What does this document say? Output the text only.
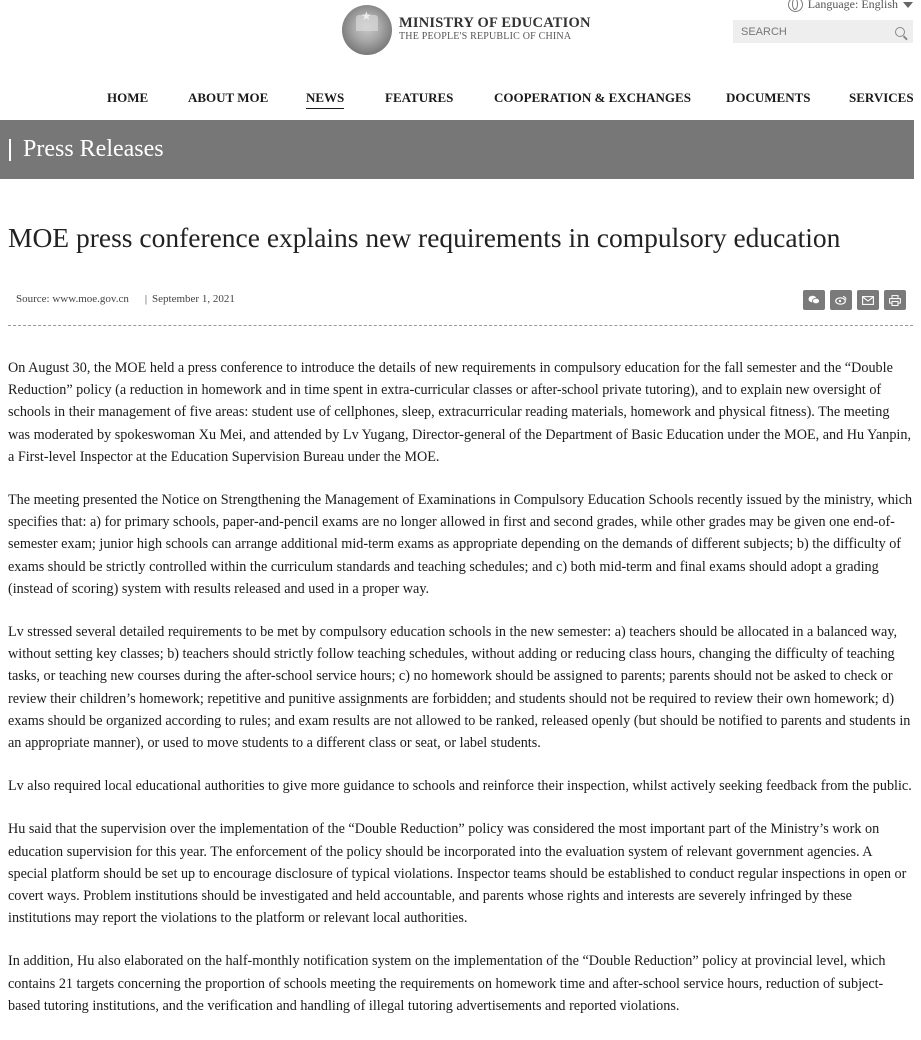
Language: English
SEARCH
★
MINISTRY OF EDUCATION
THE PEOPLE'S REPUBLIC OF CHINA
HOME	ABOUT MOE	NEWS	FEATURES	COOPERATION & EXCHANGES	DOCUMENTS	SERVICES
Press Releases
MOE press conference explains new requirements in compulsory education
Source: www.moe.gov.cn | September 1, 2021

On August 30, the MOE held a press conference to introduce the details of new requirements in compulsory education for the fall semester and the “Double Reduction” policy (a reduction in homework and in time spent in extra-curricular classes or after-school private tutoring), and to explain new oversight of schools in their management of five areas: student use of cellphones, sleep, extracurricular reading materials, homework and physical fitness). The meeting was moderated by spokeswoman Xu Mei, and attended by Lv Yugang, Director-general of the Department of Basic Education under the MOE, and Hu Yanpin, a First-level Inspector at the Education Supervision Bureau under the MOE.

The meeting presented the Notice on Strengthening the Management of Examinations in Compulsory Education Schools recently issued by the ministry, which specifies that: a) for primary schools, paper-and-pencil exams are no longer allowed in first and second grades, while other grades may be given one end-of-semester exam; junior high schools can arrange additional mid-term exams as appropriate depending on the demands of different subjects; b) the difficulty of exams should be strictly controlled within the curriculum standards and teaching schedules; and c) both mid-term and final exams should adopt a grading (instead of scoring) system with results released and used in a proper way.

Lv stressed several detailed requirements to be met by compulsory education schools in the new semester: a) teachers should be allocated in a balanced way, without setting key classes; b) teachers should strictly follow teaching schedules, without adding or reducing class hours, changing the difficulty of teaching tasks, or teaching new courses during the after-school service hours; c) no homework should be assigned to parents; parents should not be asked to check or review their children’s homework; repetitive and punitive assignments are forbidden; and students should not be required to review their own homework; d) exams should be organized according to rules; and exam results are not allowed to be ranked, released openly (but should be notified to parents and students in an appropriate manner), or used to move students to a different class or seat, or label students.

Lv also required local educational authorities to give more guidance to schools and reinforce their inspection, whilst actively seeking feedback from the public.

Hu said that the supervision over the implementation of the “Double Reduction” policy was considered the most important part of the Ministry’s work on education supervision for this year. The enforcement of the policy should be incorporated into the evaluation system of relevant government agencies. A special platform should be set up to encourage disclosure of typical violations. Inspector teams should be established to conduct regular inspections in open or covert ways. Problem institutions should be investigated and held accountable, and parents whose rights and interests are severely infringed by these institutions may report the violations to the platform or relevant local authorities.

In addition, Hu also elaborated on the half-monthly notification system on the implementation of the “Double Reduction” policy at provincial level, which contains 21 targets concerning the proportion of schools meeting the requirements on homework time and after-school service hours, reduction of subject-based tutoring institutions, and the verification and handling of illegal tutoring advertisements and reported violations.
